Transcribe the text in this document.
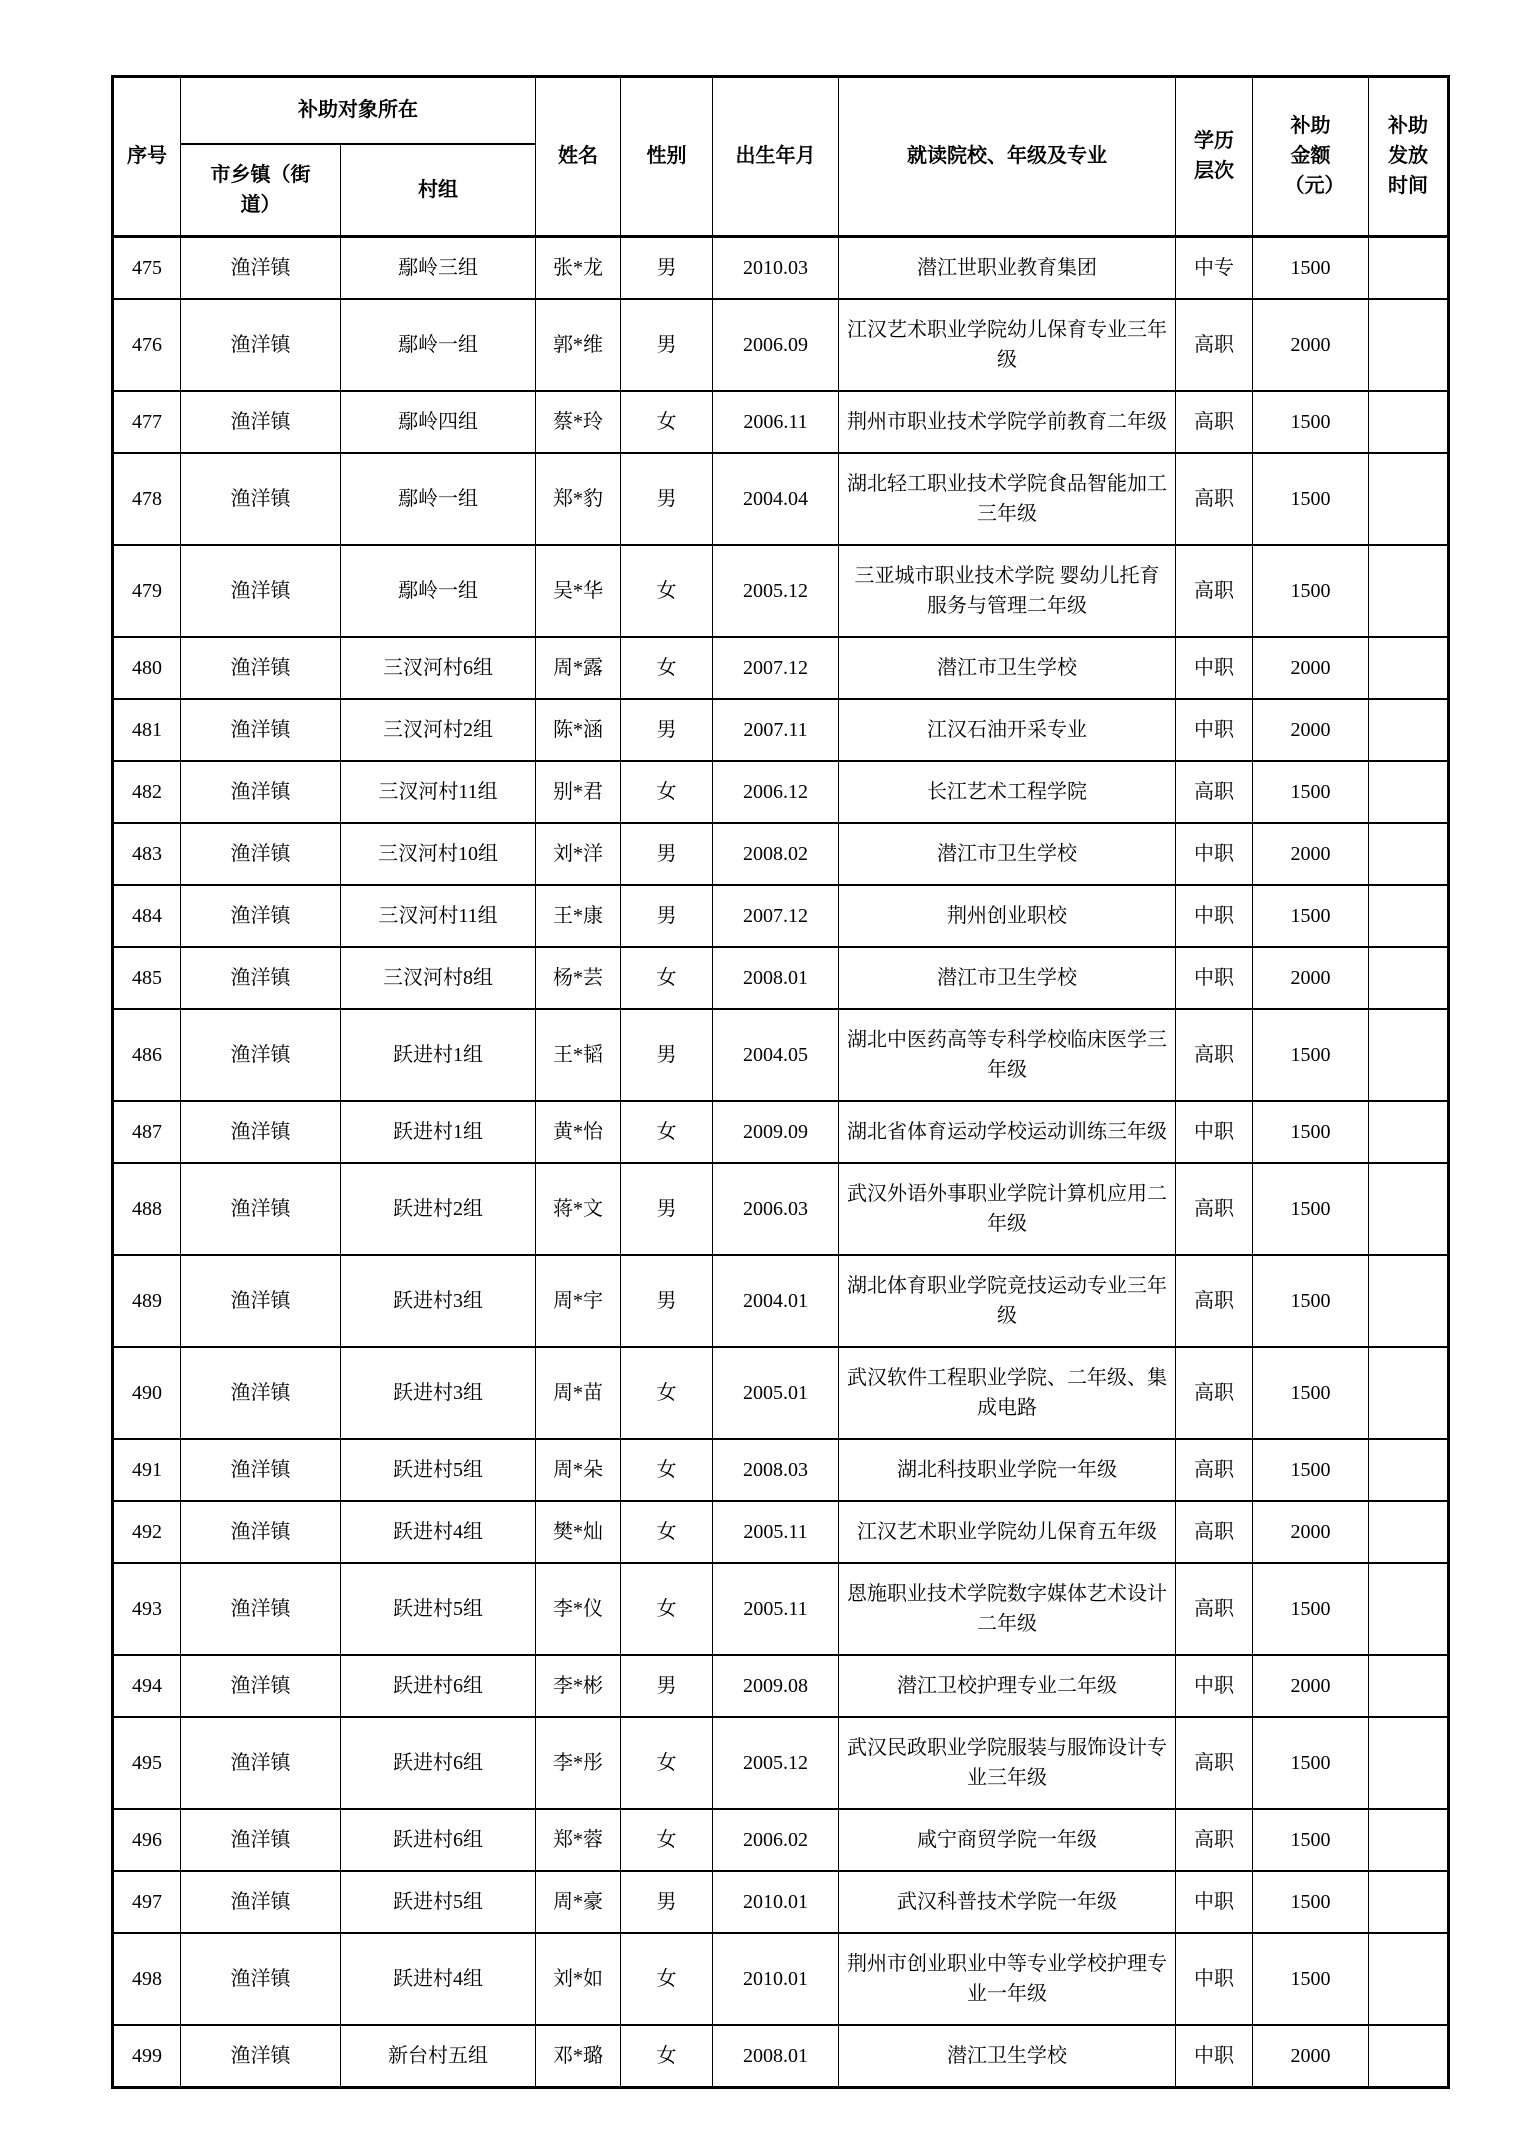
序号	补助对象所在		姓名	性别	出生年月	就读院校、年级及专业	学历层次	补助金额（元）	补助发放时间
	市乡镇（街道）	村组							
475	渔洋镇	鄢岭三组	张*龙	男	2010.03	潜江世职业教育集团	中专	1500	
476	渔洋镇	鄢岭一组	郭*维	男	2006.09	江汉艺术职业学院幼儿保育专业三年级	高职	2000	
477	渔洋镇	鄢岭四组	蔡*玲	女	2006.11	荆州市职业技术学院学前教育二年级	高职	1500	
478	渔洋镇	鄢岭一组	郑*豹	男	2004.04	湖北轻工职业技术学院食品智能加工三年级	高职	1500	
479	渔洋镇	鄢岭一组	吴*华	女	2005.12	三亚城市职业技术学院 婴幼儿托育服务与管理二年级	高职	1500	
480	渔洋镇	三汊河村6组	周*露	女	2007.12	潜江市卫生学校	中职	2000	
481	渔洋镇	三汊河村2组	陈*涵	男	2007.11	江汉石油开采专业	中职	2000	
482	渔洋镇	三汊河村11组	别*君	女	2006.12	长江艺术工程学院	高职	1500	
483	渔洋镇	三汊河村10组	刘*洋	男	2008.02	潜江市卫生学校	中职	2000	
484	渔洋镇	三汊河村11组	王*康	男	2007.12	荆州创业职校	中职	1500	
485	渔洋镇	三汊河村8组	杨*芸	女	2008.01	潜江市卫生学校	中职	2000	
486	渔洋镇	跃进村1组	王*韬	男	2004.05	湖北中医药高等专科学校临床医学三年级	高职	1500	
487	渔洋镇	跃进村1组	黄*怡	女	2009.09	湖北省体育运动学校运动训练三年级	中职	1500	
488	渔洋镇	跃进村2组	蒋*文	男	2006.03	武汉外语外事职业学院计算机应用二年级	高职	1500	
489	渔洋镇	跃进村3组	周*宇	男	2004.01	湖北体育职业学院竞技运动专业三年级	高职	1500	
490	渔洋镇	跃进村3组	周*苗	女	2005.01	武汉软件工程职业学院、二年级、集成电路	高职	1500	
491	渔洋镇	跃进村5组	周*朵	女	2008.03	湖北科技职业学院一年级	高职	1500	
492	渔洋镇	跃进村4组	樊*灿	女	2005.11	江汉艺术职业学院幼儿保育五年级	高职	2000	
493	渔洋镇	跃进村5组	李*仪	女	2005.11	恩施职业技术学院数字媒体艺术设计二年级	高职	1500	
494	渔洋镇	跃进村6组	李*彬	男	2009.08	潜江卫校护理专业二年级	中职	2000	
495	渔洋镇	跃进村6组	李*彤	女	2005.12	武汉民政职业学院服装与服饰设计专业三年级	高职	1500	
496	渔洋镇	跃进村6组	郑*蓉	女	2006.02	咸宁商贸学院一年级	高职	1500	
497	渔洋镇	跃进村5组	周*豪	男	2010.01	武汉科普技术学院一年级	中职	1500	
498	渔洋镇	跃进村4组	刘*如	女	2010.01	荆州市创业职业中等专业学校护理专业一年级	中职	1500	
499	渔洋镇	新台村五组	邓*璐	女	2008.01	潜江卫生学校	中职	2000	
